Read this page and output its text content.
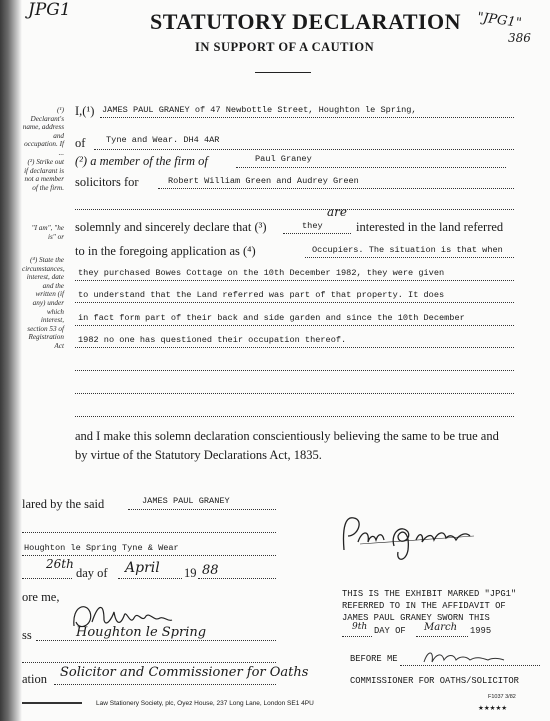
JPG1	"JPG1"
386
STATUTORY DECLARATION
IN SUPPORT OF A CAUTION
(¹) Declarant's name, address and occupation. If ...
(²) Strike out if declarant is not a member of the firm.
"I am", "he is" or
(⁴) State the circumstances, interest, date and the written (if any) under which interest, section 53 of Registration Act
I,(¹) JAMES PAUL GRANEY of 47 Newbottle Street, Houghton le Spring,
of Tyne and Wear. DH4 4AR
(²) a member of the firm of	Paul Graney
solicitors for	Robert William Green and Audrey Green
solemnly and sincerely declare that (³)	they
are
interested in the land referred
to in the foregoing application as (⁴)	Occupiers. The situation is that when
they purchased Bowes Cottage on the 10th December 1982, they were given
to understand that the Land referred was part of that property. It does
in fact form part of their back and side garden and since the 10th December
1982 no one has questioned their occupation thereof.
and I make this solemn declaration conscientiously believing the same to be true and
by virtue of the Statutory Declarations Act, 1835.
lared by the said	JAMES PAUL GRANEY
Houghton le Spring Tyne & Wear
26th
day of April 19 88
ore me,
ss	Houghton le Spring
ation Solicitor and Commissioner for Oaths
THIS IS THE EXHIBIT MARKED "JPG1"
REFERRED TO IN THE AFFIDAVIT OF
JAMES PAUL GRANEY SWORN THIS
9th DAY OF March 1995
BEFORE ME
COMMISSIONER FOR OATHS/SOLICITOR
Law Stationery Society, plc, Oyez House, 237 Long Lane, London SE1 4PU
F1037 3/82
★★★★★
